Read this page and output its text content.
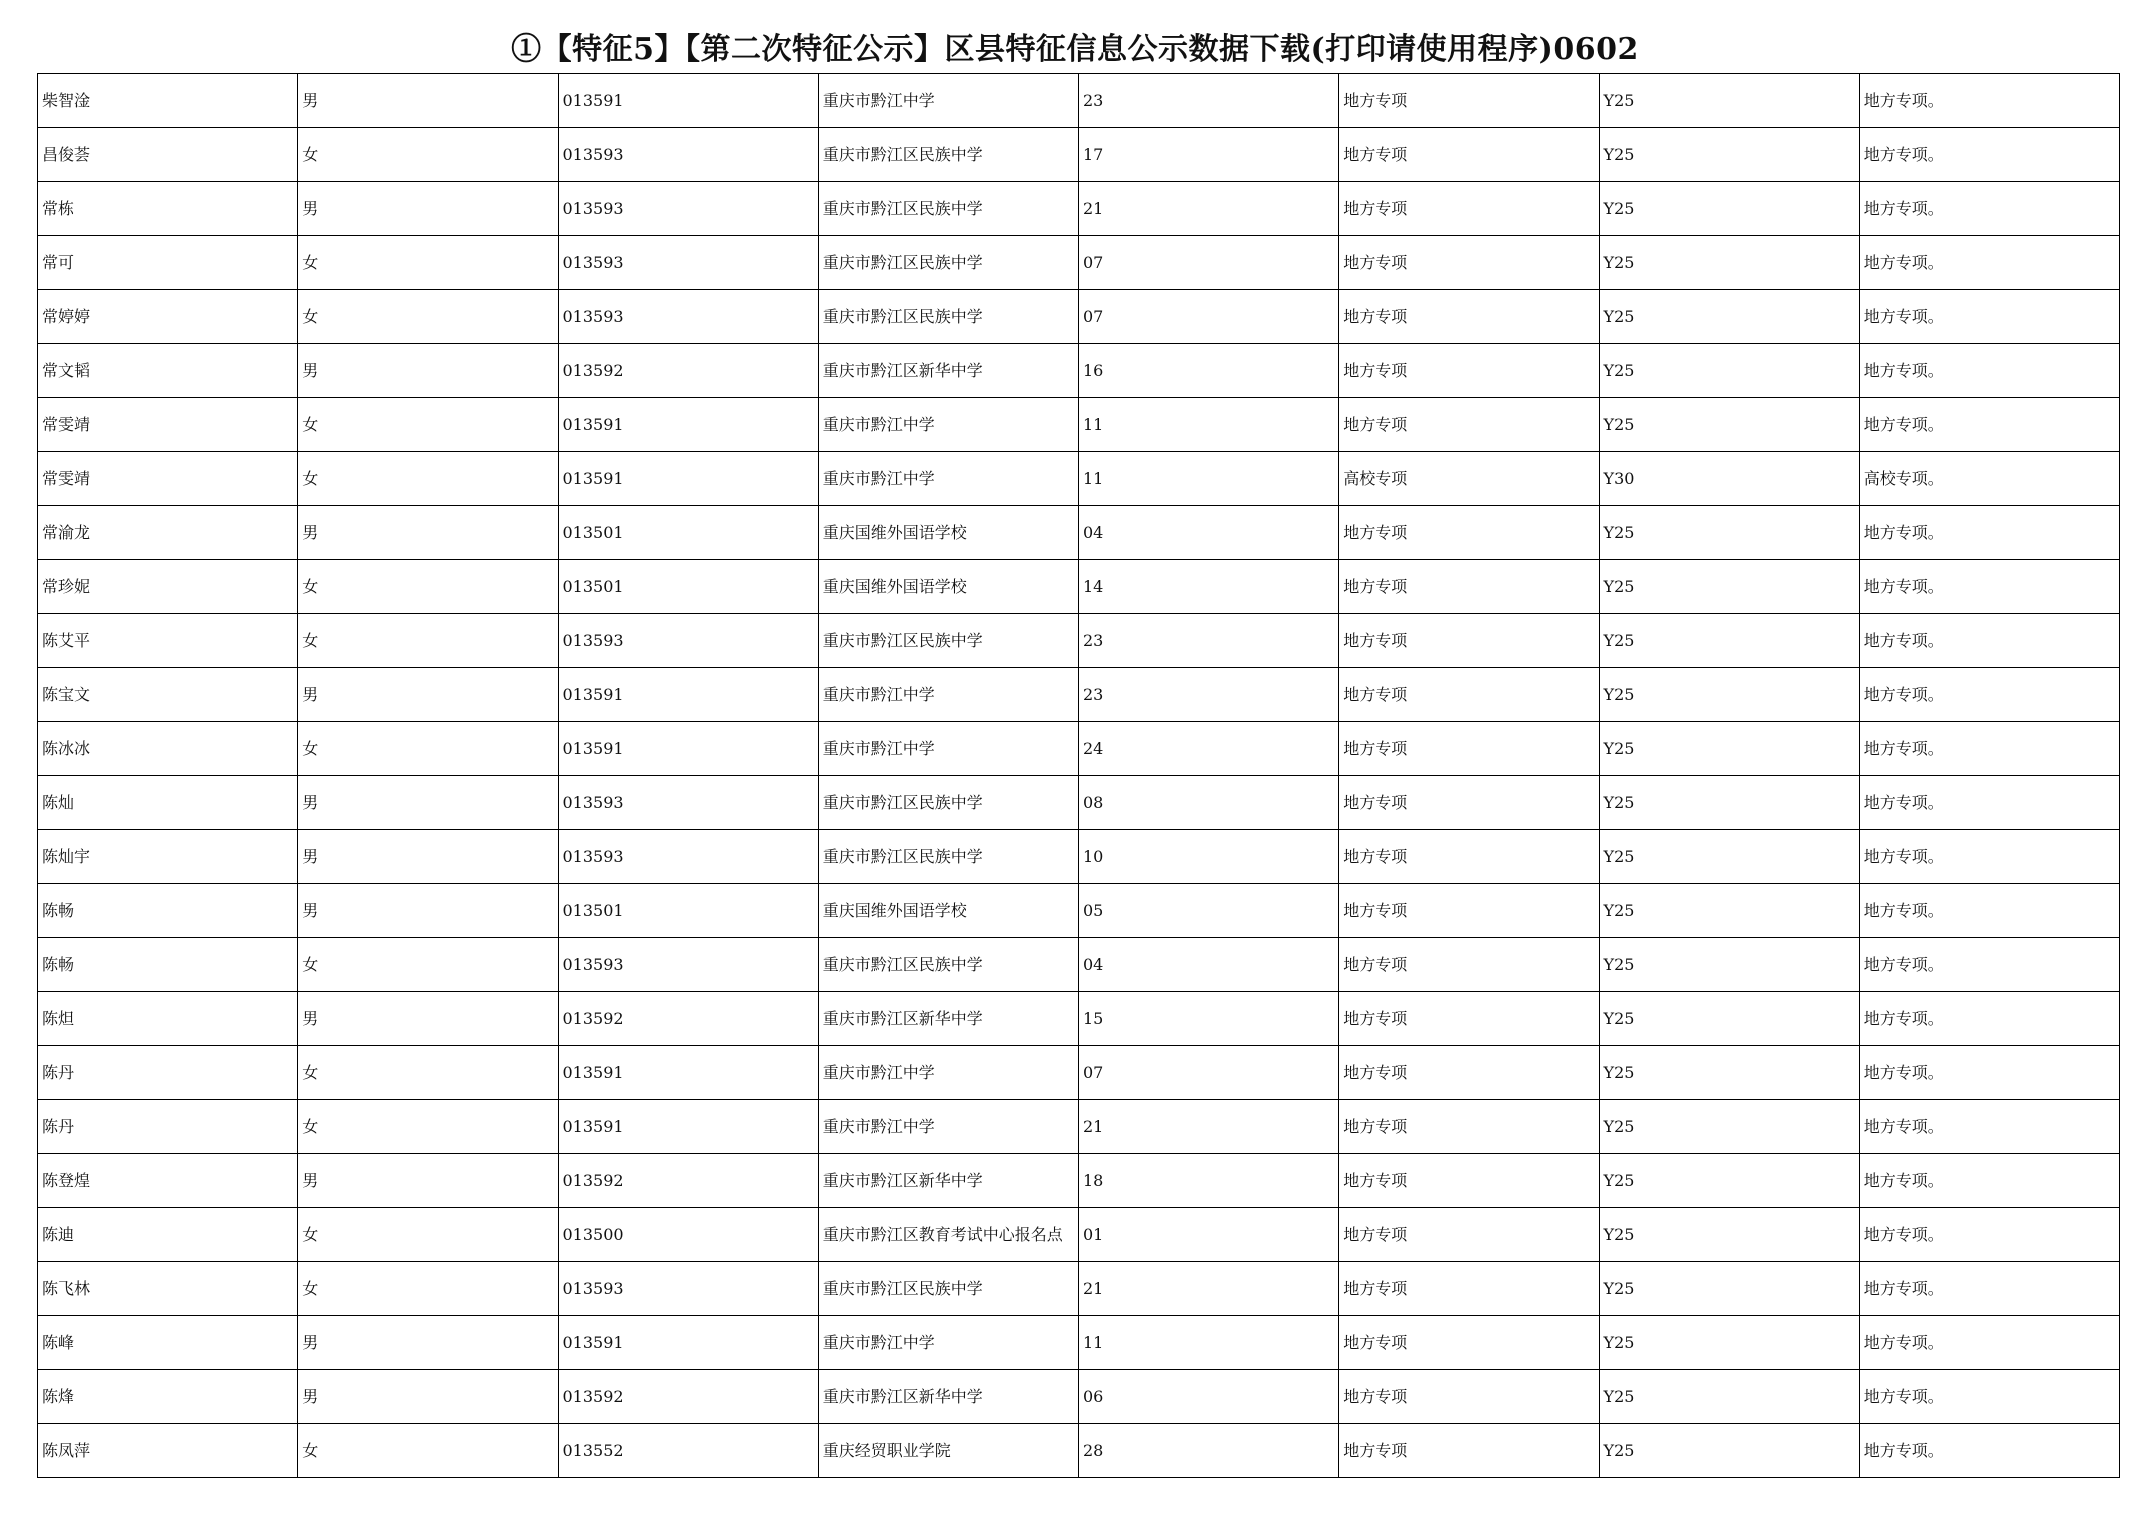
①【特征5】【第二次特征公示】区县特征信息公示数据下载(打印请使用程序)0602
柴智淦	男	013591	重庆市黔江中学	23	地方专项	Y25	地方专项。
昌俊荟	女	013593	重庆市黔江区民族中学	17	地方专项	Y25	地方专项。
常栋	男	013593	重庆市黔江区民族中学	21	地方专项	Y25	地方专项。
常可	女	013593	重庆市黔江区民族中学	07	地方专项	Y25	地方专项。
常婷婷	女	013593	重庆市黔江区民族中学	07	地方专项	Y25	地方专项。
常文韬	男	013592	重庆市黔江区新华中学	16	地方专项	Y25	地方专项。
常雯靖	女	013591	重庆市黔江中学	11	地方专项	Y25	地方专项。
常雯靖	女	013591	重庆市黔江中学	11	高校专项	Y30	高校专项。
常渝龙	男	013501	重庆国维外国语学校	04	地方专项	Y25	地方专项。
常珍妮	女	013501	重庆国维外国语学校	14	地方专项	Y25	地方专项。
陈艾平	女	013593	重庆市黔江区民族中学	23	地方专项	Y25	地方专项。
陈宝文	男	013591	重庆市黔江中学	23	地方专项	Y25	地方专项。
陈冰冰	女	013591	重庆市黔江中学	24	地方专项	Y25	地方专项。
陈灿	男	013593	重庆市黔江区民族中学	08	地方专项	Y25	地方专项。
陈灿宇	男	013593	重庆市黔江区民族中学	10	地方专项	Y25	地方专项。
陈畅	男	013501	重庆国维外国语学校	05	地方专项	Y25	地方专项。
陈畅	女	013593	重庆市黔江区民族中学	04	地方专项	Y25	地方专项。
陈炟	男	013592	重庆市黔江区新华中学	15	地方专项	Y25	地方专项。
陈丹	女	013591	重庆市黔江中学	07	地方专项	Y25	地方专项。
陈丹	女	013591	重庆市黔江中学	21	地方专项	Y25	地方专项。
陈登煌	男	013592	重庆市黔江区新华中学	18	地方专项	Y25	地方专项。
陈迪	女	013500	重庆市黔江区教育考试中心报名点	01	地方专项	Y25	地方专项。
陈飞林	女	013593	重庆市黔江区民族中学	21	地方专项	Y25	地方专项。
陈峰	男	013591	重庆市黔江中学	11	地方专项	Y25	地方专项。
陈烽	男	013592	重庆市黔江区新华中学	06	地方专项	Y25	地方专项。
陈凤萍	女	013552	重庆经贸职业学院	28	地方专项	Y25	地方专项。
